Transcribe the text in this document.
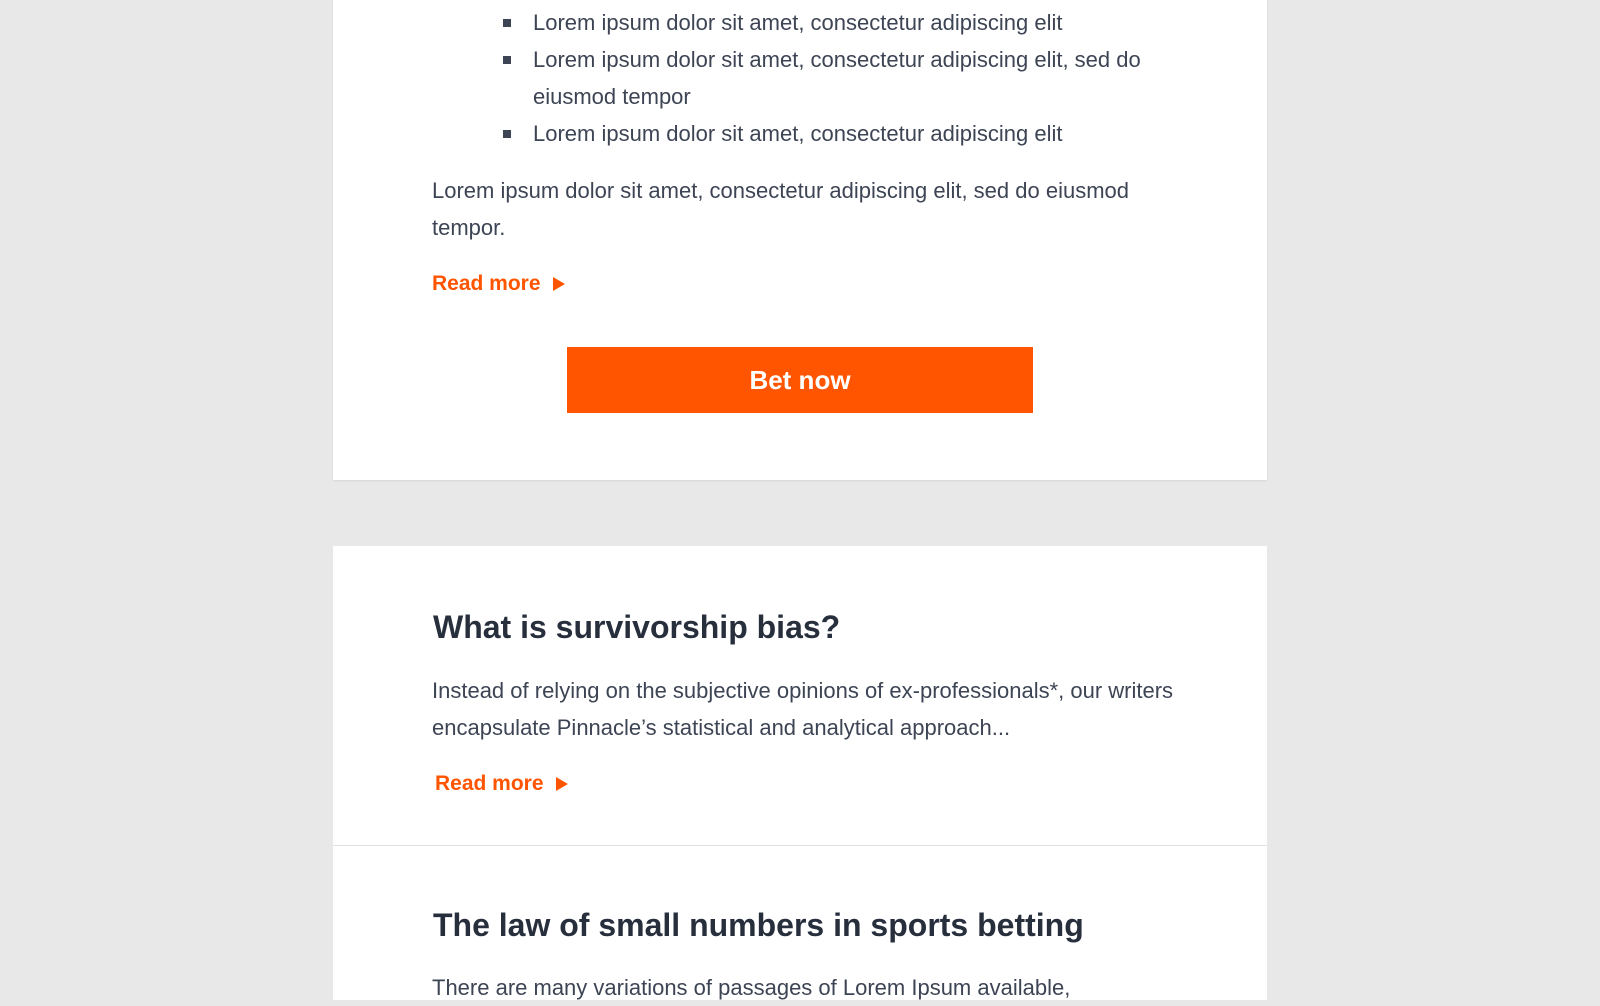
Lorem ipsum dolor sit amet, consectetur adipiscing elit
Lorem ipsum dolor sit amet, consectetur adipiscing elit, sed do eiusmod tempor
Lorem ipsum dolor sit amet, consectetur adipiscing elit

Lorem ipsum dolor sit amet, consectetur adipiscing elit, sed do eiusmod tempor.

Read more
Bet now
What is survivorship bias?

Instead of relying on the subjective opinions of ex-professionals*, our writers encapsulate Pinnacle’s statistical and analytical approach...

Read more
The law of small numbers in sports betting

There are many variations of passages of Lorem Ipsum available,
